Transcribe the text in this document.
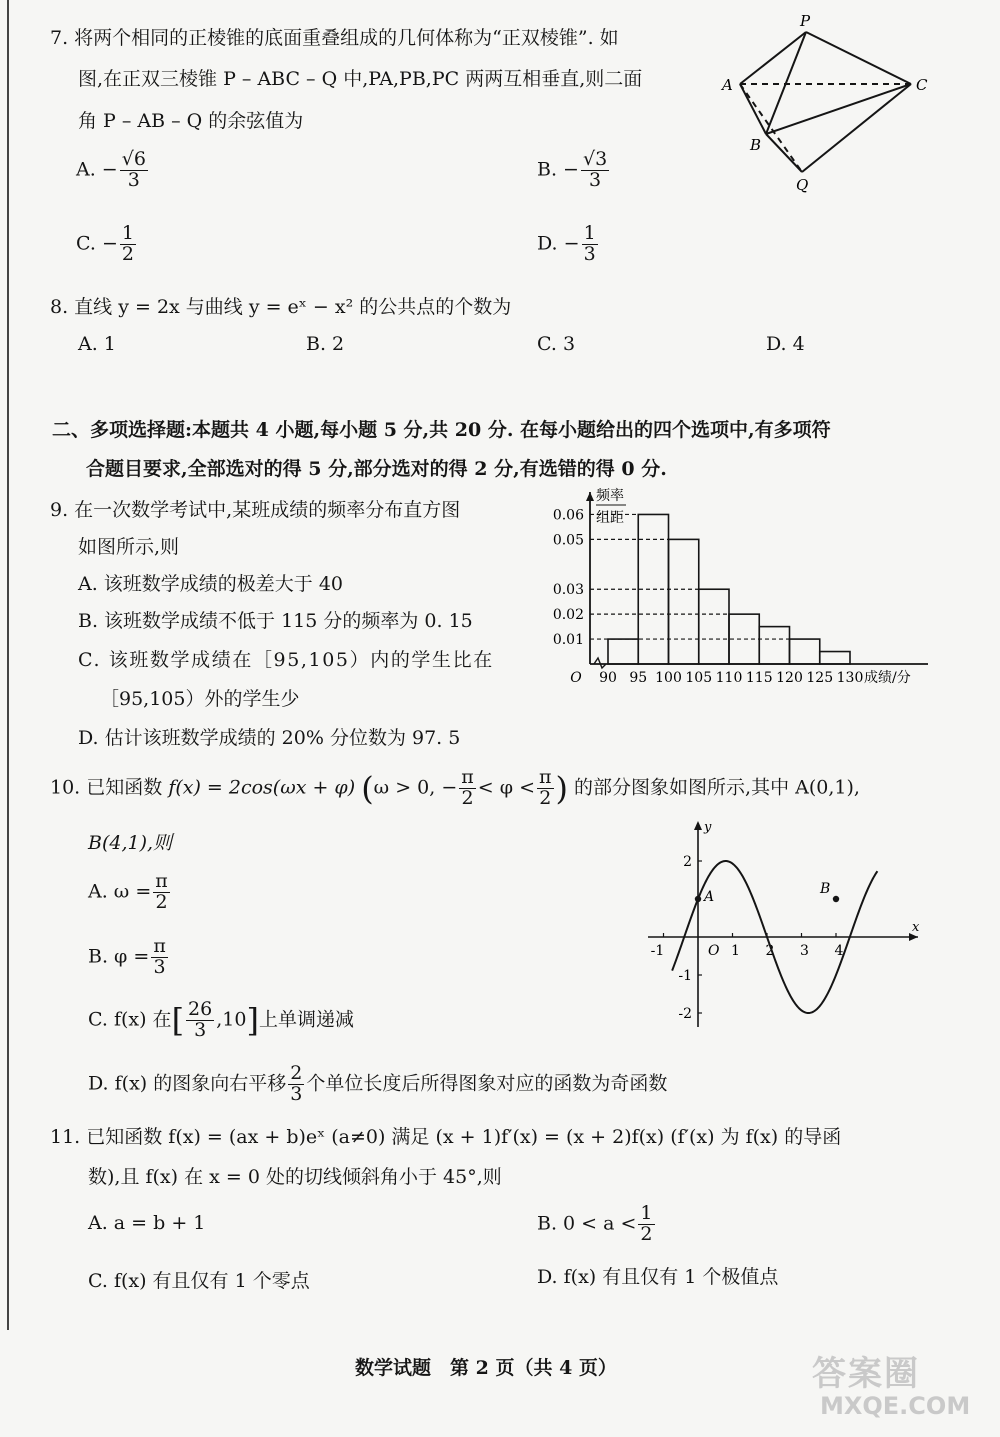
7. 将两个相同的正棱锥的底面重叠组成的几何体称为“正双棱锥”. 如
图,在正双三棱锥 P – ABC – Q 中,PA,PB,PC 两两互相垂直,则二面
角 P – AB – Q 的余弦值为
A. − $\frac{√6}{3}$	B. − $\frac{√3}{3}$
C. − $\frac{1}{2}$	D. − $\frac{1}{3}$
P
A
B
C
Q
8. 直线 y = 2x 与曲线 y = eˣ − x² 的公共点的个数为
A. 1	B. 2	C. 3	D. 4
二、多项选择题:本题共 4 小题,每小题 5 分,共 20 分. 在每小题给出的四个选项中,有多项符
合题目要求,全部选对的得 5 分,部分选对的得 2 分,有选错的得 0 分.
9. 在一次数学考试中,某班成绩的频率分布直方图
如图所示,则
A. 该班数学成绩的极差大于 40
B. 该班数学成绩不低于 115 分的频率为 0. 15
C. 该班数学成绩在［95,105）内的学生比在
［95,105）外的学生少
D. 估计该班数学成绩的 20% 分位数为 97. 5
0.01
0.02
0.03
0.05
0.06
90 95 100 105 110 115 120 125 130
O	成绩/分
频率
组距
10. 已知函数 f(x) = 2cos(ωx + φ) (ω > 0, − $\frac{\pi}{2} < \varphi < \frac{\pi}{2}$ ) 的部分图象如图所示,其中 A(0,1),
B(4,1),则
A. $\omega = \frac{\pi}{2}$
B. $\varphi = \frac{\pi}{3}$
C. f(x) 在[ $\frac{26}{3} ,10$]上单调递减
D. f(x) 的图象向右平移 $\frac{2}{3}$ 个单位长度后所得图象对应的函数为奇函数
x
y
-1	1 2 3 4
2
-1
-2
O
A	B
11. 已知函数 f(x) = (ax + b)eˣ (a≠0) 满足 (x + 1)f′(x) = (x + 2)f(x) (f′(x) 为 f(x) 的导函
数),且 f(x) 在 x = 0 处的切线倾斜角小于 45°,则
A. a = b + 1	B. $0 < a < \frac{1}{2}$
C. f(x) 有且仅有 1 个零点	D. f(x) 有且仅有 1 个极值点
数学试题　第 2 页（共 4 页）	答案圈
MXQE.COM
